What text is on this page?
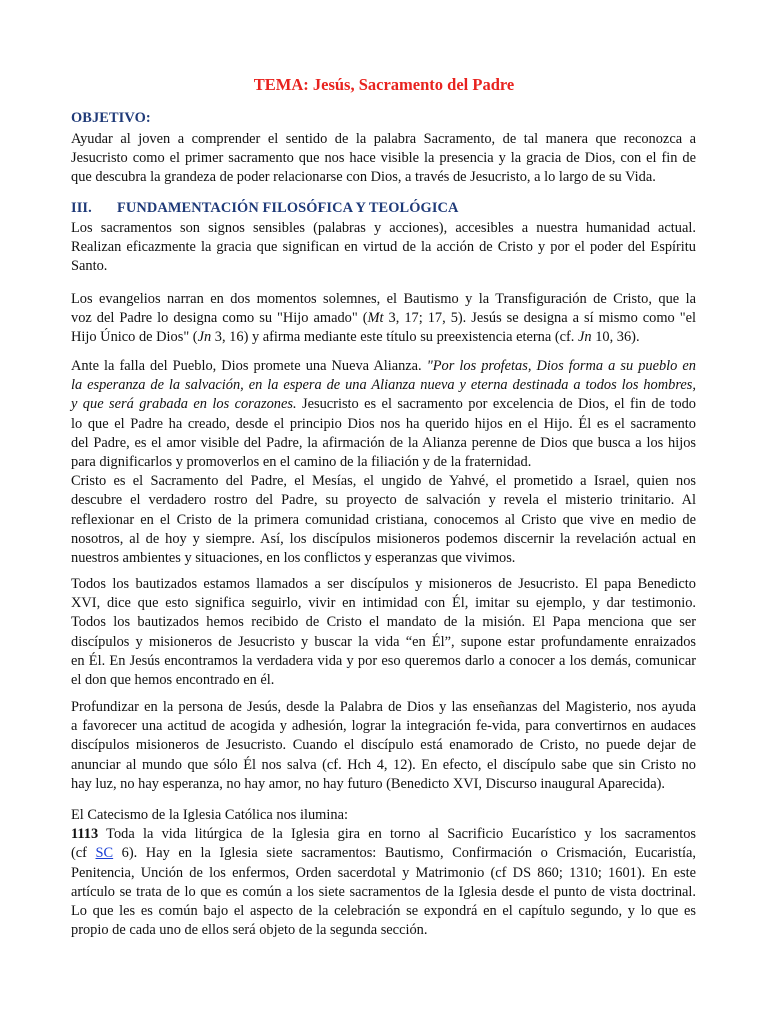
TEMA: Jesús, Sacramento del Padre
OBJETIVO:

Ayudar al joven a comprender el sentido de la palabra Sacramento, de tal manera que reconozca a
Jesucristo como el primer sacramento que nos hace visible la presencia y la gracia de Dios, con el fin de
que descubra la grandeza de poder relacionarse con Dios, a través de Jesucristo, a lo largo de su Vida.

III. FUNDAMENTACIÓN FILOSÓFICA Y TEOLÓGICA

Los sacramentos son signos sensibles (palabras y acciones), accesibles a nuestra humanidad actual.
Realizan eficazmente la gracia que significan en virtud de la acción de Cristo y por el poder del Espíritu
Santo.

Los evangelios narran en dos momentos solemnes, el Bautismo y la Transfiguración de Cristo, que la
voz del Padre lo designa como su "Hijo amado" (Mt 3, 17; 17, 5). Jesús se designa a sí mismo como "el
Hijo Único de Dios" (Jn 3, 16) y afirma mediante este título su preexistencia eterna (cf. Jn 10, 36).

Ante la falla del Pueblo, Dios promete una Nueva Alianza. "Por los profetas, Dios forma a su pueblo en
la esperanza de la salvación, en la espera de una Alianza nueva y eterna destinada a todos los hombres,
y que será grabada en los corazones. Jesucristo es el sacramento por excelencia de Dios, el fin de todo
lo que el Padre ha creado, desde el principio Dios nos ha querido hijos en el Hijo. Él es el sacramento
del Padre, es el amor visible del Padre, la afirmación de la Alianza perenne de Dios que busca a los hijos
para dignificarlos y promoverlos en el camino de la filiación y de la fraternidad.
Cristo es el Sacramento del Padre, el Mesías, el ungido de Yahvé, el prometido a Israel, quien nos
descubre el verdadero rostro del Padre, su proyecto de salvación y revela el misterio trinitario. Al
reflexionar en el Cristo de la primera comunidad cristiana, conocemos al Cristo que vive en medio de
nosotros, al de hoy y siempre. Así, los discípulos misioneros podemos discernir la revelación actual en
nuestros ambientes y situaciones, en los conflictos y esperanzas que vivimos.

Todos los bautizados estamos llamados a ser discípulos y misioneros de Jesucristo. El papa Benedicto
XVI, dice que esto significa seguirlo, vivir en intimidad con Él, imitar su ejemplo, y dar testimonio.
Todos los bautizados hemos recibido de Cristo el mandato de la misión. El Papa menciona que ser
discípulos y misioneros de Jesucristo y buscar la vida “en Él”, supone estar profundamente enraizados
en Él. En Jesús encontramos la verdadera vida y por eso queremos darlo a conocer a los demás, comunicar
el don que hemos encontrado en él.

Profundizar en la persona de Jesús, desde la Palabra de Dios y las enseñanzas del Magisterio, nos ayuda
a favorecer una actitud de acogida y adhesión, lograr la integración fe-vida, para convertirnos en audaces
discípulos misioneros de Jesucristo. Cuando el discípulo está enamorado de Cristo, no puede dejar de
anunciar al mundo que sólo Él nos salva (cf. Hch 4, 12). En efecto, el discípulo sabe que sin Cristo no
hay luz, no hay esperanza, no hay amor, no hay futuro (Benedicto XVI, Discurso inaugural Aparecida).

El Catecismo de la Iglesia Católica nos ilumina:
1113 Toda la vida litúrgica de la Iglesia gira en torno al Sacrificio Eucarístico y los sacramentos
(cf SC 6). Hay en la Iglesia siete sacramentos: Bautismo, Confirmación o Crismación, Eucaristía,
Penitencia, Unción de los enfermos, Orden sacerdotal y Matrimonio (cf DS 860; 1310; 1601). En este
artículo se trata de lo que es común a los siete sacramentos de la Iglesia desde el punto de vista doctrinal.
Lo que les es común bajo el aspecto de la celebración se expondrá en el capítulo segundo, y lo que es
propio de cada uno de ellos será objeto de la segunda sección.
